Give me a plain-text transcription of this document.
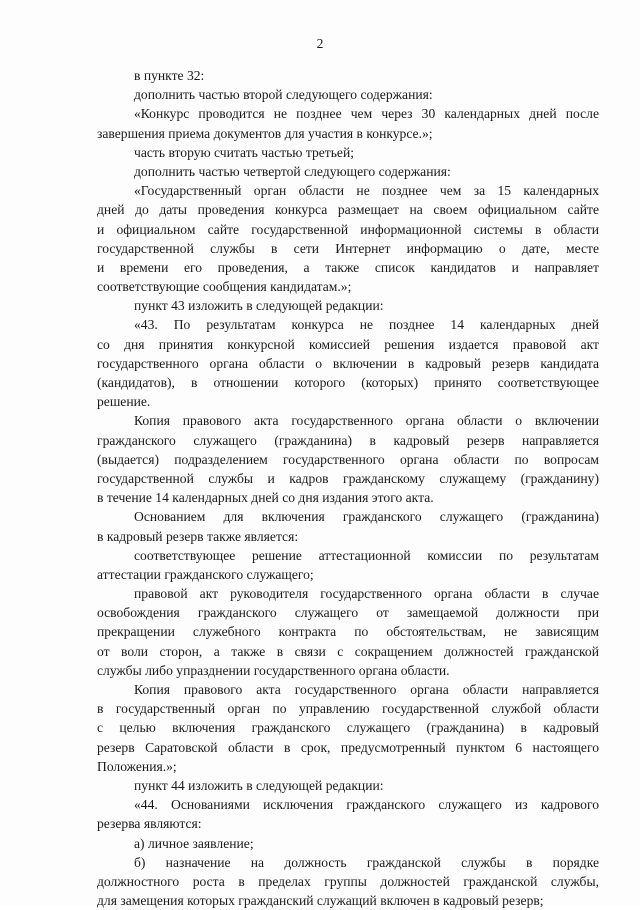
2
в пункте 32:
дополнить частью второй следующего содержания:
«Конкурс проводится не позднее чем через 30 календарных дней после
завершения приема документов для участия в конкурсе.»;
часть вторую считать частью третьей;
дополнить частью четвертой следующего содержания:
«Государственный орган области не позднее чем за 15 календарных
дней до даты проведения конкурса размещает на своем официальном сайте
и официальном сайте государственной информационной системы в области
государственной службы в сети Интернет информацию о дате, месте
и времени его проведения, а также список кандидатов и направляет
соответствующие сообщения кандидатам.»;
пункт 43 изложить в следующей редакции:
«43. По результатам конкурса не позднее 14 календарных дней
со дня принятия конкурсной комиссией решения издается правовой акт
государственного органа области о включении в кадровый резерв кандидата
(кандидатов), в отношении которого (которых) принято соответствующее
решение.
Копия правового акта государственного органа области о включении
гражданского служащего (гражданина) в кадровый резерв направляется
(выдается) подразделением государственного органа области по вопросам
государственной службы и кадров гражданскому служащему (гражданину)
в течение 14 календарных дней со дня издания этого акта.
Основанием для включения гражданского служащего (гражданина)
в кадровый резерв также является:
соответствующее решение аттестационной комиссии по результатам
аттестации гражданского служащего;
правовой акт руководителя государственного органа области в случае
освобождения гражданского служащего от замещаемой должности при
прекращении служебного контракта по обстоятельствам, не зависящим
от воли сторон, а также в связи с сокращением должностей гражданской
службы либо упразднении государственного органа области.
Копия правового акта государственного органа области направляется
в государственный орган по управлению государственной службой области
с целью включения гражданского служащего (гражданина) в кадровый
резерв Саратовской области в срок, предусмотренный пунктом 6 настоящего
Положения.»;
пункт 44 изложить в следующей редакции:
«44. Основаниями исключения гражданского служащего из кадрового
резерва являются:
а) личное заявление;
б) назначение на должность гражданской службы в порядке
должностного роста в пределах группы должностей гражданской службы,
для замещения которых гражданский служащий включен в кадровый резерв;
